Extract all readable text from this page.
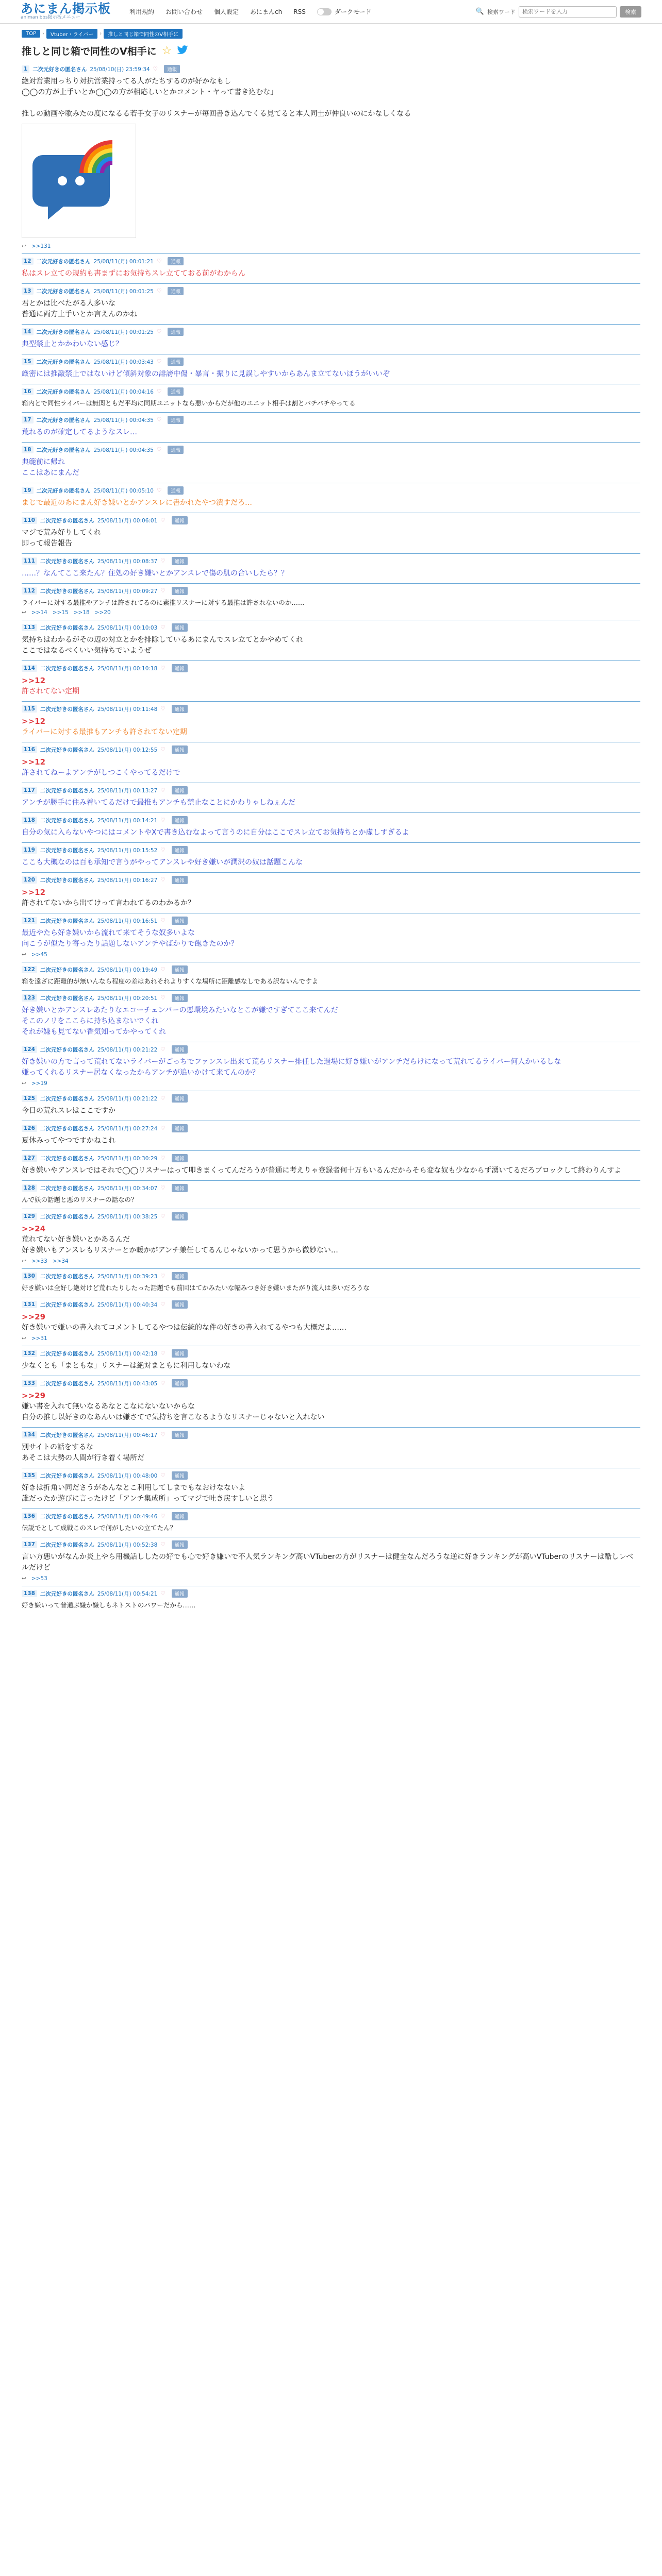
あにまん掲示板
animan bbs掲示板メニュー
利用規約 お問い合わせ 個人設定 あにまんch RSS	ダークモード	🔍 検索ワード
検索ワードを入力	検索
TOP	›	Vtuber・ライバー	›	推しと同じ箱で同性のV相手に
推しと同じ箱で同性のV相手に ☆
1 二次元好きの匿名さん 25/08/10(日) 23:59:34 ♡	通報
絶対営業用っちり対抗営業持ってる人がたちするのが好かなもし
◯◯の方が上手いとか◯◯の方が相応しいとかコメント・ヤって書き込むな」
推しの動画や歌みたの度になるる若手女子のリスナーが毎回書き込んでくる見てると本人同士が仲良いのにかなしくなる
↩ >>131
12 二次元好きの匿名さん 25/08/11(月) 00:01:21 ♡	通報
私はスレ立ての規約も書まずにお気持ちスレ立てておる前がわからん
13 二次元好きの匿名さん 25/08/11(月) 00:01:25 ♡	通報
君とかは比べたがる人多いな
普通に両方上手いとか言えんのかね
14 二次元好きの匿名さん 25/08/11(月) 00:01:25 ♡	通報
典型禁止とかかわいない感じ？
15 二次元好きの匿名さん 25/08/11(月) 00:03:43 ♡	通報
厳密には推敲禁止ではないけど傾斜対象の誹謗中傷・暴言・振りに見誤しやすいからあんま立てないほうがいいぞ
16 二次元好きの匿名さん 25/08/11(月) 00:04:16 ♡	通報
箱内とで同性ライバーは無関ともだ平均に同期ユニットなら悪いからだが他のユニット相手は割とバチバチやってる
17 二次元好きの匿名さん 25/08/11(月) 00:04:35 ♡	通報
荒れるのが確定してるようなスレ…
18 二次元好きの匿名さん 25/08/11(月) 00:04:35 ♡	通報
典範前に帰れ
ここはあにまんだ
19 二次元好きの匿名さん 25/08/11(月) 00:05:10 ♡	通報
まじで最近のあにまん好き嫌いとかアンスレに書かれたやつ潰すだろ…
110 二次元好きの匿名さん 25/08/11(月) 00:06:01 ♡	通報
マジで荒み好りしてくれ
即って報告報告
111 二次元好きの匿名さん 25/08/11(月) 00:08:37 ♡	通報
……？なんてここ来たん？住処の好き嫌いとかアンスレで傷の肌の合いしたら？？
112 二次元好きの匿名さん 25/08/11(月) 00:09:27 ♡	通報
ライバーに対する最推やアンチは許されてるのに素推リスナーに対する最推は許されないのか……
↩ >>14 >>15 >>18 >>20
113 二次元好きの匿名さん 25/08/11(月) 00:10:03 ♡	通報
気持ちはわかるがその辺の対立とかを排除しているあにまんでスレ立てとかやめてくれ
ここではなるべくいい気持ちでいようぜ
114 二次元好きの匿名さん 25/08/11(月) 00:10:18 ♡	通報
>>12
許されてない定期
115 二次元好きの匿名さん 25/08/11(月) 00:11:48 ♡	通報
>>12
ライバーに対する最推もアンチも許されてない定期
116 二次元好きの匿名さん 25/08/11(月) 00:12:55 ♡	通報
>>12
許されてねーよアンチがしつこくやってるだけで
117 二次元好きの匿名さん 25/08/11(月) 00:13:27 ♡	通報
アンチが勝手に住み着いてるだけで最推もアンチも禁止なことにかわりゃしねぇんだ
118 二次元好きの匿名さん 25/08/11(月) 00:14:21 ♡	通報
自分の気に入らないやつにはコメントやXで書き込むなよって言うのに自分はここでスレ立てお気持ちとか虚しすぎるよ
119 二次元好きの匿名さん 25/08/11(月) 00:15:52 ♡	通報
ここも大概なのは百も承知で言うがやってアンスレや好き嫌いが潤沢の奴は話題こんな
120 二次元好きの匿名さん 25/08/11(月) 00:16:27 ♡	通報
>>12
許されてないから出てけって言われてるのわかるか？
121 二次元好きの匿名さん 25/08/11(月) 00:16:51 ♡	通報
最近やたら好き嫌いから流れて来てそうな奴多いよな
向こうが似たり寄ったり話題しないアンチやばかりで飽きたのか？
↩ >>45
122 二次元好きの匿名さん 25/08/11(月) 00:19:49 ♡	通報
箱を遠ざに距離的が無いんなら程度の差はあれそれよりすくな場所に距離感なしである訳ないんですよ
123 二次元好きの匿名さん 25/08/11(月) 00:20:51 ♡	通報
好き嫌いとかアンスレあたりなエコーチェンバーの悪環境みたいなとこが嫌ですぎてここ来てんだ
そこのノリをここらに持ち込まないでくれ
それが嫌も見てない香気知ってかやってくれ
124 二次元好きの匿名さん 25/08/11(月) 00:21:22 ♡	通報
好き嫌いの方で言って荒れてないライバーがごっちでファンスレ出来て荒らリスナー排任した過場に好き嫌いがアンチだらけになって荒れてるライバー何人かいるしな
嫌ってくれるリスナー居なくなったからアンチが追いかけて来てんのか？
↩ >>19
125 二次元好きの匿名さん 25/08/11(月) 00:21:22 ♡	通報
今日の荒れスレはここですか
126 二次元好きの匿名さん 25/08/11(月) 00:27:24 ♡	通報
夏休みってやつですかねこれ
127 二次元好きの匿名さん 25/08/11(月) 00:30:29 ♡	通報
好き嫌いやアンスレではそれで◯◯リスナーはって叩きまくってんだろうが普通に考えりゃ登録者何十万もいるんだからそら変な奴も少なからず湧いてるだろブロックして終わりんすよ
128 二次元好きの匿名さん 25/08/11(月) 00:34:07 ♡	通報
んで妖の話題と悪のリスナーの話なの？
129 二次元好きの匿名さん 25/08/11(月) 00:38:25 ♡	通報
>>24
荒れてない好き嫌いとかあるんだ
好き嫌いもアンスレもリスナーとか暖かがアンチ兼任してるんじゃないかって思うから微妙ない…
↩ >>33 >>34
130 二次元好きの匿名さん 25/08/11(月) 00:39:23 ♡	通報
好き嫌いは全好し絶対けど荒れたりしたった話題でも前回はてかみたいな幅みつき好き嫌いまたがり流人は多いだろうな
131 二次元好きの匿名さん 25/08/11(月) 00:40:34 ♡	通報
>>29
好き嫌いで嫌いの書入れてコメントしてるやつは伝統的な件の好きの書入れてるやつも大概だよ……
↩ >>31
132 二次元好きの匿名さん 25/08/11(月) 00:42:18 ♡	通報
少なくとも「まともな」リスナーは絶対まともに利用しないわな
133 二次元好きの匿名さん 25/08/11(月) 00:43:05 ♡	通報
>>29
嫌い書を入れて無いなるあなとこなにないないからな
自分の推し以好きのなあんいは嫌さてで気持ちを言こなるようなリスナーじゃないと入れない
134 二次元好きの匿名さん 25/08/11(月) 00:46:17 ♡	通報
別サイトの話をするな
あそこは大勢の人間が行き着く場所だ
135 二次元好きの匿名さん 25/08/11(月) 00:48:00 ♡	通報
好きは折角い同ださうがあんなとこ利用してしまでもなおけなないよ
誰だったか遊びに言ったけど「アンチ集成所」ってマジで吐き戻すしいと思う
136 二次元好きの匿名さん 25/08/11(月) 00:49:46 ♡	通報
伝説でとして成戦このスレで何がしたいの立てたん？
137 二次元好きの匿名さん 25/08/11(月) 00:52:38 ♡	通報
言い方悪いがなんか炎上やら用機話ししたの好でも心で好き嫌いで不人気ランキング高いVTuberの方がリスナーは健全なんだろうな逆に好きランキングが高いVTuberのリスナーは酷しレベルだけど
↩ >>53
138 二次元好きの匿名さん 25/08/11(月) 00:54:21 ♡	通報
好き嫌いって普通ぶ嫌か嫌しもネトストのパワーだから……
